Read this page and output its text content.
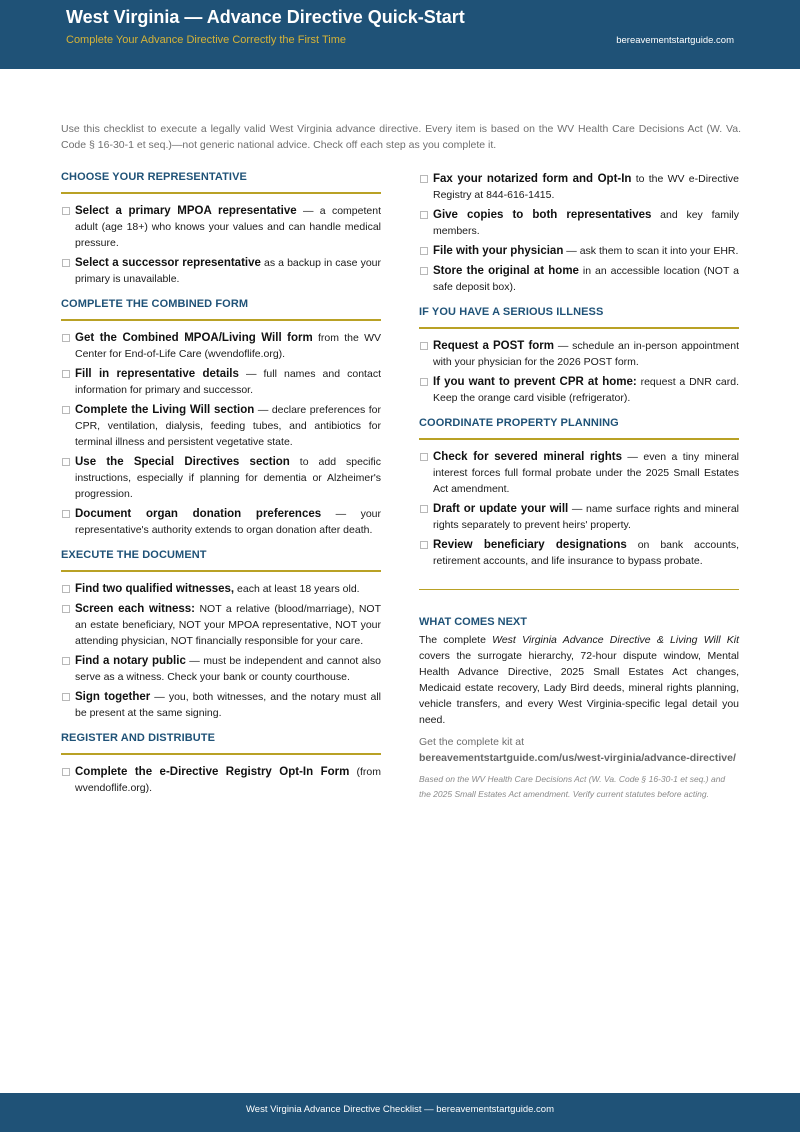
West Virginia — Advance Directive Quick-Start
Complete Your Advance Directive Correctly the First Time	bereavementstartguide.com

Use this checklist to execute a legally valid West Virginia advance directive. Every item is based on the WV Health Care Decisions Act (W. Va. Code § 16-30-1 et seq.)—not generic national advice. Check off each step as you complete it.

CHOOSE YOUR REPRESENTATIVE
Select a primary MPOA representative — a competent adult (age 18+) who knows your values and can handle medical pressure.
Select a successor representative as a backup in case your primary is unavailable.
COMPLETE THE COMBINED FORM
Get the Combined MPOA/Living Will form from the WV Center for End-of-Life Care (wvendoflife.org).
Fill in representative details — full names and contact information for primary and successor.
Complete the Living Will section — declare preferences for CPR, ventilation, dialysis, feeding tubes, and antibiotics for terminal illness and persistent vegetative state.
Use the Special Directives section to add specific instructions, especially if planning for dementia or Alzheimer's progression.
Document organ donation preferences — your representative's authority extends to organ donation after death.
EXECUTE THE DOCUMENT
Find two qualified witnesses, each at least 18 years old.
Screen each witness: NOT a relative (blood/marriage), NOT an estate beneficiary, NOT your MPOA representative, NOT your attending physician, NOT financially responsible for your care.
Find a notary public — must be independent and cannot also serve as a witness. Check your bank or county courthouse.
Sign together — you, both witnesses, and the notary must all be present at the same signing.
REGISTER AND DISTRIBUTE
Complete the e-Directive Registry Opt-In Form (from wvendoflife.org).
Fax your notarized form and Opt-In to the WV e-Directive Registry at 844-616-1415.
Give copies to both representatives and key family members.
File with your physician — ask them to scan it into your EHR.
Store the original at home in an accessible location (NOT a safe deposit box).
IF YOU HAVE A SERIOUS ILLNESS
Request a POST form — schedule an in-person appointment with your physician for the 2026 POST form.
If you want to prevent CPR at home: request a DNR card. Keep the orange card visible (refrigerator).
COORDINATE PROPERTY PLANNING
Check for severed mineral rights — even a tiny mineral interest forces full formal probate under the 2025 Small Estates Act amendment.
Draft or update your will — name surface rights and mineral rights separately to prevent heirs' property.
Review beneficiary designations on bank accounts, retirement accounts, and life insurance to bypass probate.
WHAT COMES NEXT

The complete West Virginia Advance Directive & Living Will Kit covers the surrogate hierarchy, 72-hour dispute window, Mental Health Advance Directive, 2025 Small Estates Act changes, Medicaid estate recovery, Lady Bird deeds, mineral rights planning, vehicle transfers, and every West Virginia-specific legal detail you need.

Get the complete kit at
bereavementstartguide.com/us/west-virginia/advance-directive/

Based on the WV Health Care Decisions Act (W. Va. Code § 16-30-1 et seq.) and the 2025 Small Estates Act amendment. Verify current statutes before acting.

West Virginia Advance Directive Checklist — bereavementstartguide.com
